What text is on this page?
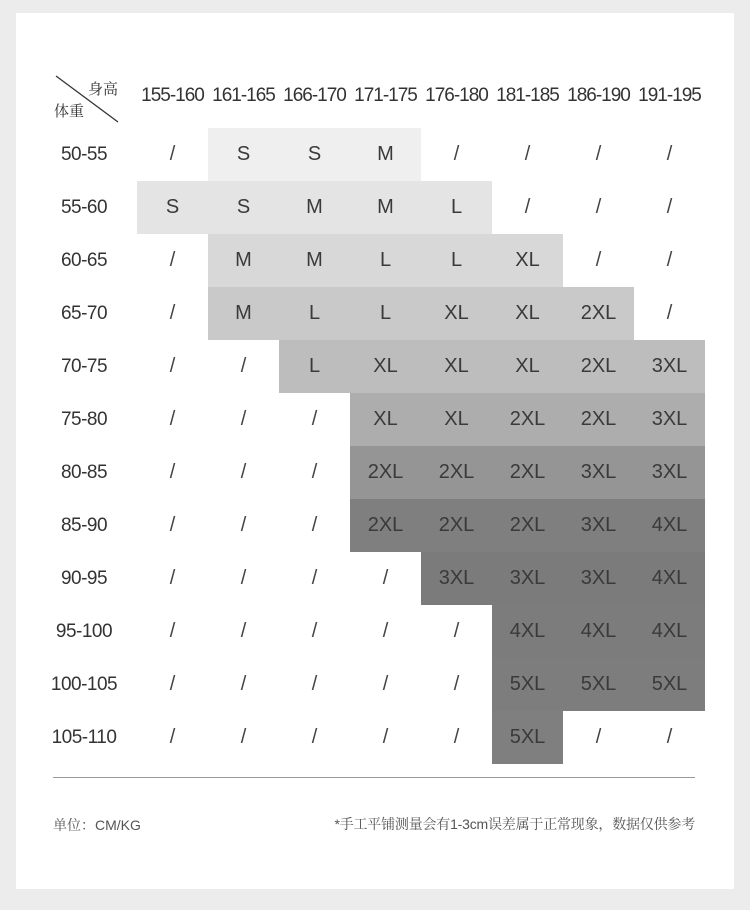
身高
体重
155-160 161-165 166-170 171-175 176-180 181-185 186-190 191-195
50-55	/	S	S	M	/	/	/	/
55-60	S	S	M	M	L	/	/	/
60-65	/	M	M	L	L	XL	/	/
65-70	/	M	L	L	XL	XL	2XL	/
70-75	/	/	L	XL	XL	XL	2XL	3XL
75-80	/	/	/	XL	XL	2XL	2XL	3XL
80-85	/	/	/	2XL	2XL	2XL	3XL	3XL
85-90	/	/	/	2XL	2XL	2XL	3XL	4XL
90-95	/	/	/	/	3XL	3XL	3XL	4XL
95-100	/	/	/	/	/	4XL	4XL	4XL
100-105	/	/	/	/	/	5XL	5XL	5XL
105-110	/	/	/	/	/	5XL	/	/
单位：CM/KG	*手工平铺测量会有1-3cm误差属于正常现象，数据仅供参考
